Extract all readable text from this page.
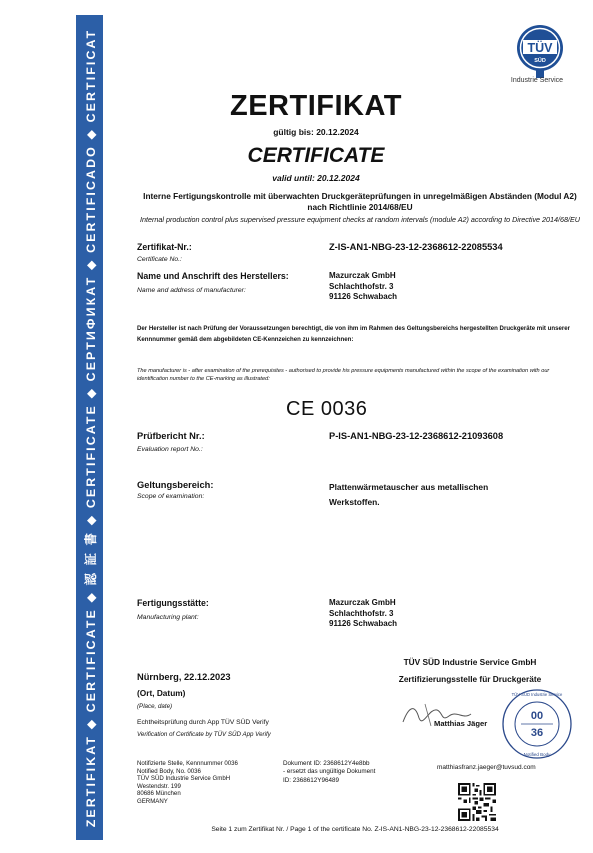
ZERTIFIKAT ◆ CERTIFICATE ◆ 認 証 書 ◆ CERTIFICATE ◆ СЕРТИФИКАТ ◆ CERTIFICADO ◆ CERTIFICAT	TÜV
SÜD
Industrie Service
ZERTIFIKAT
gültig bis: 20.12.2024
CERTIFICATE
valid until: 20.12.2024
Interne Fertigungskontrolle mit überwachten Druckgeräteprüfungen in unregelmäßigen Abständen (Modul A2) nach Richtlinie 2014/68/EU
Internal production control plus supervised pressure equipment checks at random intervals (module A2) according to Directive 2014/68/EU
Zertifikat-Nr.:
Certificate No.:
Z-IS-AN1-NBG-23-12-2368612-22085534
Name und Anschrift des Herstellers:
Name and address of manufacturer:
Mazurczak GmbH
Schlachthofstr. 3
91126 Schwabach
Der Hersteller ist nach Prüfung der Voraussetzungen berechtigt, die von ihm im Rahmen des Geltungsbereichs hergestellten Druckgeräte mit unserer Kennnummer gemäß dem abgebildeten CE-Kennzeichen zu kennzeichnen:
The manufacturer is - after examination of the prerequisites - authorised to provide his pressure equipments manufactured within the scope of the examination with our identification number to the CE-marking as illustrated:
CE 0036
Prüfbericht Nr.:
Evaluation report No.:
P-IS-AN1-NBG-23-12-2368612-21093608
Geltungsbereich:
Scope of examination:
Plattenwärmetauscher aus metallischen
Werkstoffen.
Fertigungsstätte:
Manufacturing plant:
Mazurczak GmbH
Schlachthofstr. 3
91126 Schwabach
Nürnberg, 22.12.2023
(Ort, Datum)
(Place, date)
TÜV SÜD Industrie Service GmbH
Zertifizierungsstelle für Druckgeräte
Matthias Jäger
00
36
TÜV SÜD Industrie Service
Notified Body
Echtheitsprüfung durch App TÜV SÜD Verify
Verification of Certificate by TÜV SÜD App Verify
Notifizierte Stelle, Kennnummer 0036
Notified Body, No. 0036
TÜV SÜD Industrie Service GmbH
Westendstr. 199
80686 München
GERMANY
Dokument ID: 2368612Y4e8bb
- ersetzt das ungültige Dokument
ID: 2368612Y96489
matthiasfranz.jaeger@tuvsud.com
Seite 1 zum Zertifikat Nr. / Page 1 of the certificate No. Z-IS-AN1-NBG-23-12-2368612-22085534
